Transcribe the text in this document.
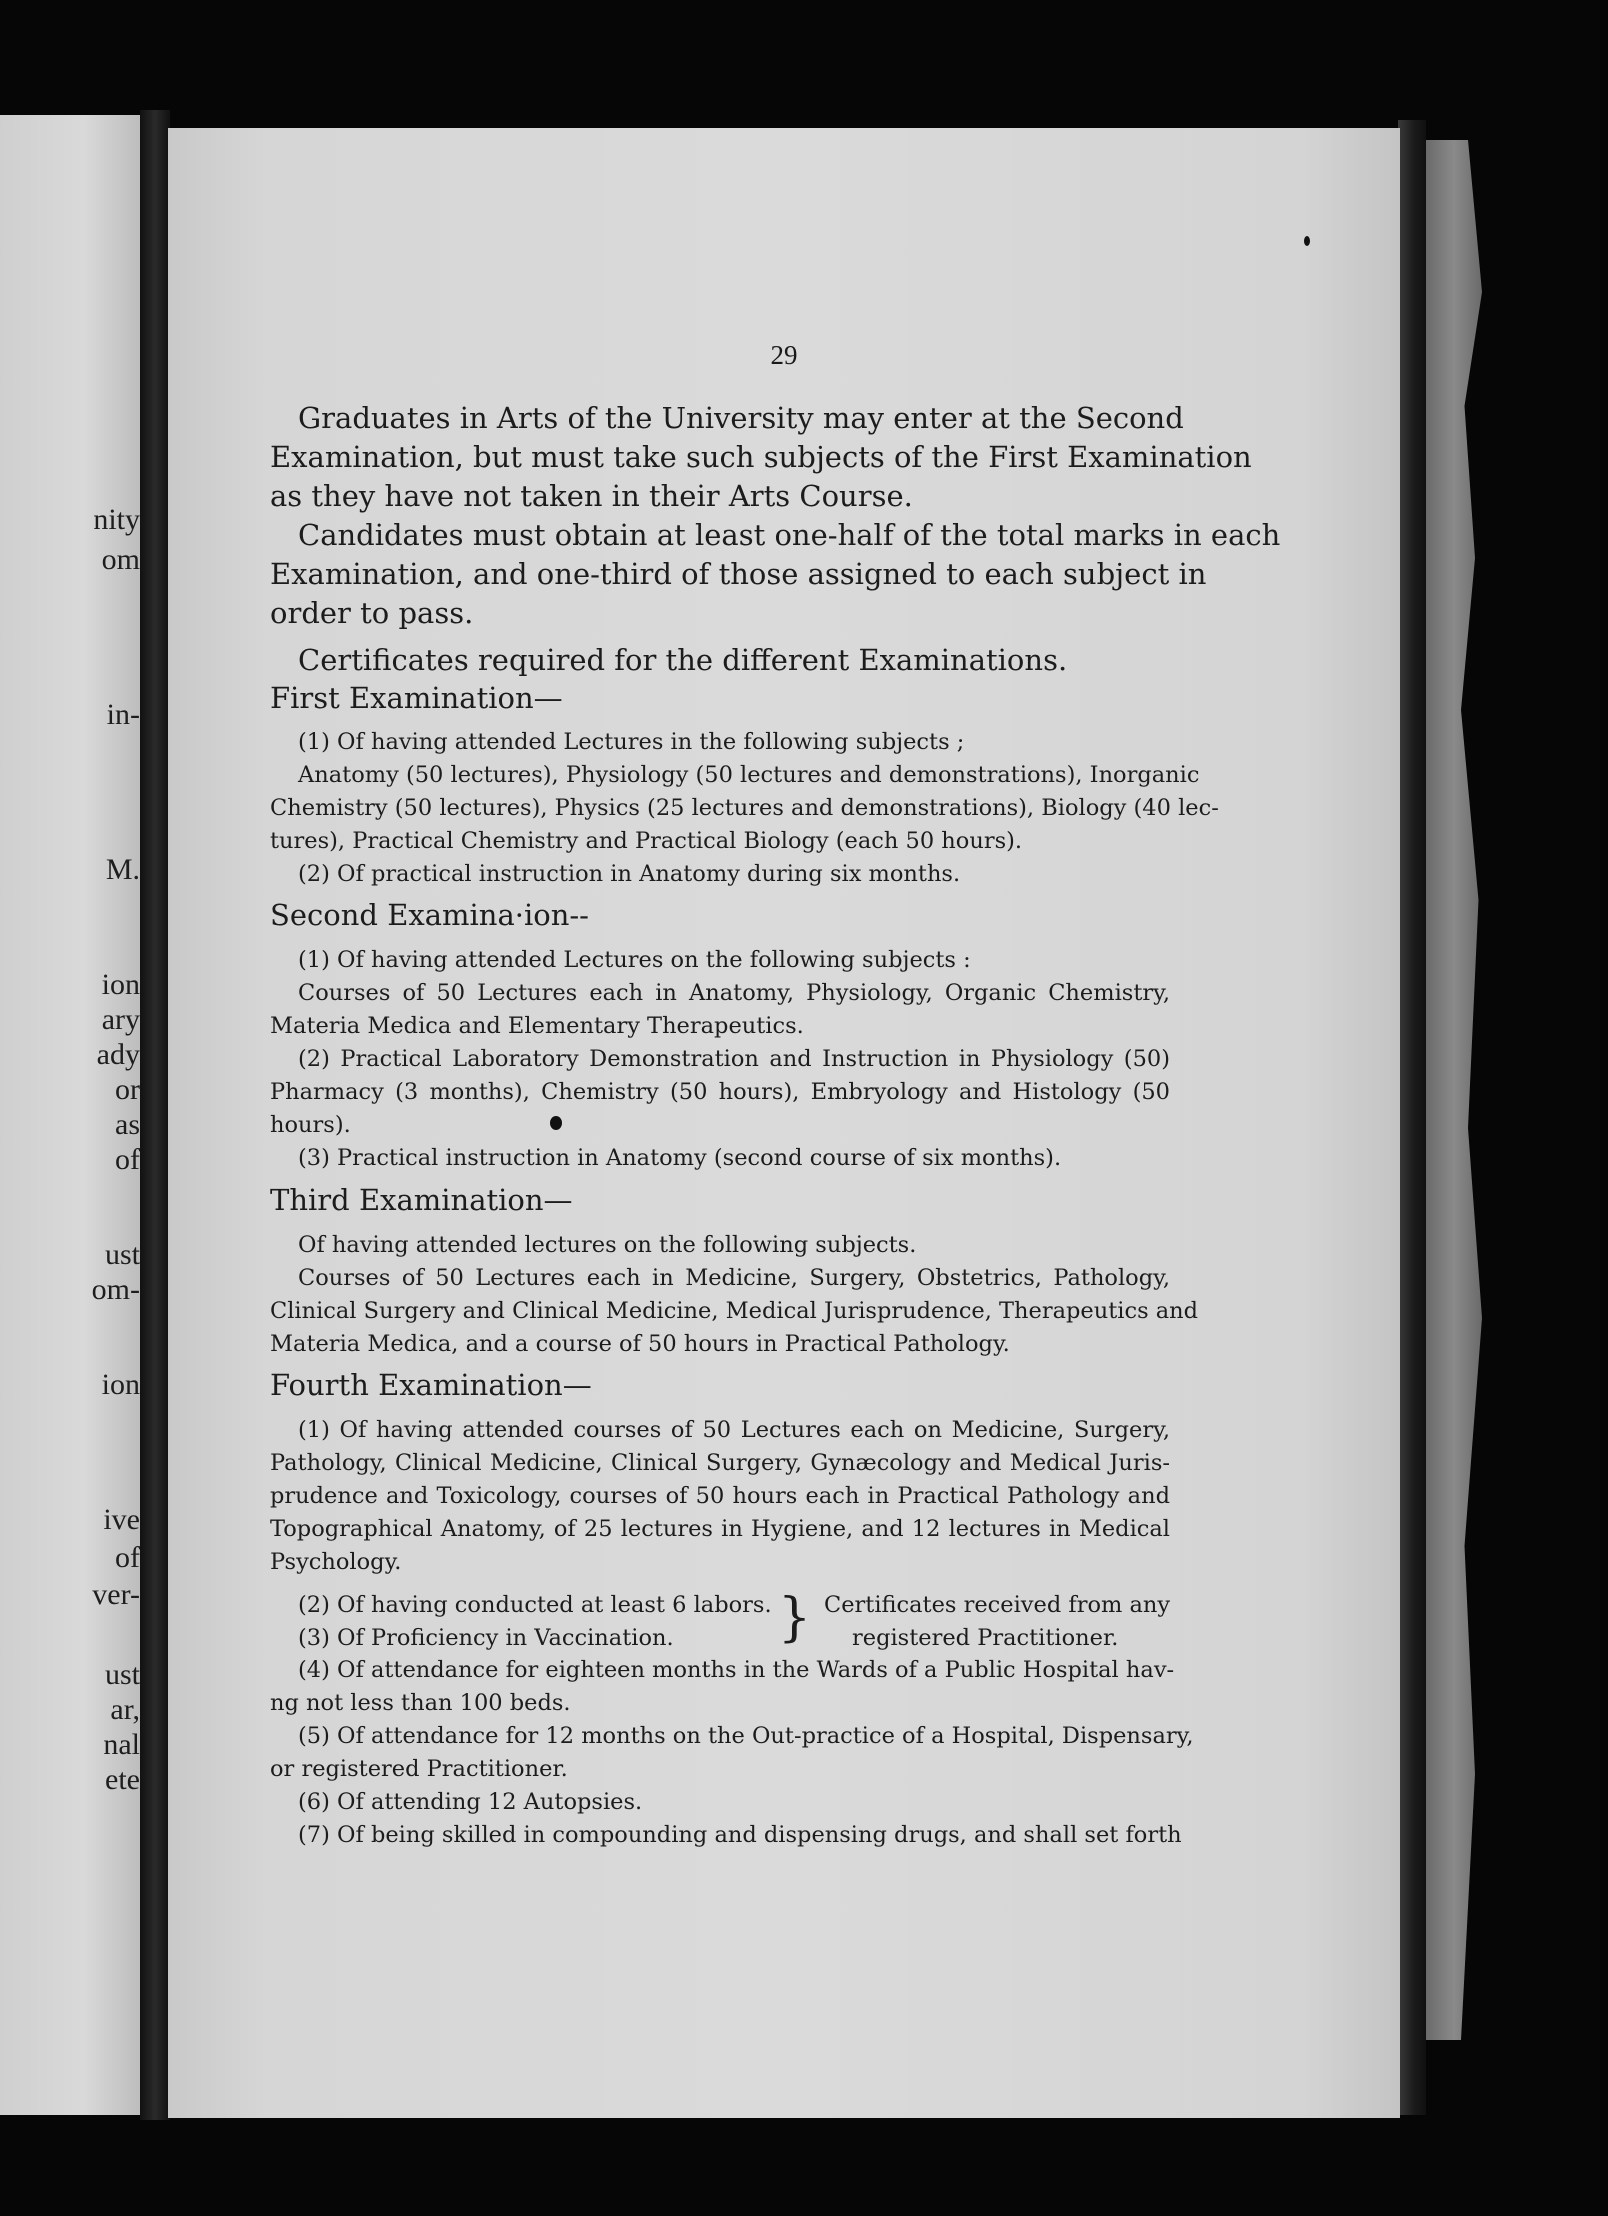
nity
om
in-
M.
ion
ary
ady
or
as
of
ust
om-
ion
ive
of
ver-
ust
ar,
nal
ete
29
Graduates in Arts of the University may enter at the Second
Examination, but must take such subjects of the First Examination
as they have not taken in their Arts Course.
Candidates must obtain at least one-half of the total marks in each
Examination, and one-third of those assigned to each subject in
order to pass.
Certificates required for the different Examinations.
First Examination—
(1) Of having attended Lectures in the following subjects ;
Anatomy (50 lectures), Physiology (50 lectures and demonstrations), Inorganic
Chemistry (50 lectures), Physics (25 lectures and demonstrations), Biology (40 lec-
tures), Practical Chemistry and Practical Biology (each 50 hours).
(2) Of practical instruction in Anatomy during six months.
Second Examina·ion--
(1) Of having attended Lectures on the following subjects :
Courses of 50 Lectures each in Anatomy, Physiology, Organic Chemistry,
Materia Medica and Elementary Therapeutics.
(2) Practical Laboratory Demonstration and Instruction in Physiology (50)
Pharmacy (3 months), Chemistry (50 hours), Embryology and Histology (50
hours).
(3) Practical instruction in Anatomy (second course of six months).
Third Examination—
Of having attended lectures on the following subjects.
Courses of 50 Lectures each in Medicine, Surgery, Obstetrics, Pathology,
Clinical Surgery and Clinical Medicine, Medical Jurisprudence, Therapeutics and
Materia Medica, and a course of 50 hours in Practical Pathology.
Fourth Examination—
(1) Of having attended courses of 50 Lectures each on Medicine, Surgery,
Pathology, Clinical Medicine, Clinical Surgery, Gynæcology and Medical Juris-
prudence and Toxicology, courses of 50 hours each in Practical Pathology and
Topographical Anatomy, of 25 lectures in Hygiene, and 12 lectures in Medical
Psychology.
(2) Of having conducted at least 6 labors.
(3) Of Proficiency in Vaccination. } Certificates received from any
registered Practitioner.
(4) Of attendance for eighteen months in the Wards of a Public Hospital hav-
ng not less than 100 beds.
(5) Of attendance for 12 months on the Out-practice of a Hospital, Dispensary,
or registered Practitioner.
(6) Of attending 12 Autopsies.
(7) Of being skilled in compounding and dispensing drugs, and shall set forth
